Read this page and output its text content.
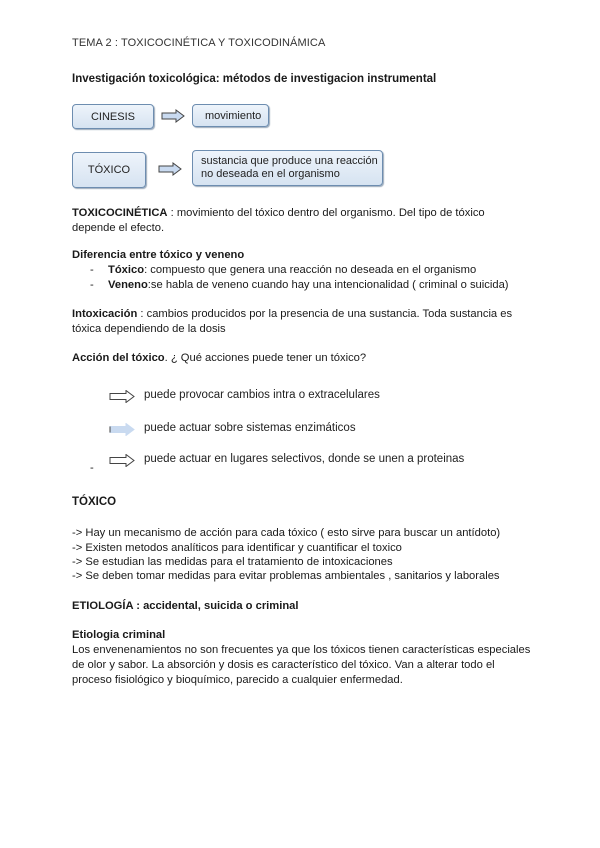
TEMA 2 : TOXICOCINÉTICA Y TOXICODINÁMICA
Investigación toxicológica: métodos de investigacion instrumental
CINESIS	movimiento
TÓXICO
sustancia que produce una reacción
no deseada en el organismo
TOXICOCINÉTICA : movimiento del tóxico dentro del organismo. Del tipo de tóxico
depende el efecto.
Diferencia entre tóxico y veneno
- Tóxico: compuesto que genera una reacción no deseada en el organismo
- Veneno:se habla de veneno cuando hay una intencionalidad ( criminal o suicida)
Intoxicación : cambios producidos por la presencia de una sustancia. Toda sustancia es
tóxica dependiendo de la dosis
Acción del tóxico. ¿ Qué acciones puede tener un tóxico?
puede provocar cambios intra o extracelulares
puede actuar sobre sistemas enzimáticos
puede actuar en lugares selectivos, donde se unen a proteinas
-
TÓXICO
-> Hay un mecanismo de acción para cada tóxico ( esto sirve para buscar un antídoto)
-> Existen metodos analíticos para identificar y cuantificar el toxico
-> Se estudian las medidas para el tratamiento de intoxicaciones
-> Se deben tomar medidas para evitar problemas ambientales , sanitarios y laborales
ETIOLOGÍA : accidental, suicida o criminal
Etiologia criminal
Los envenenamientos no son frecuentes ya que los tóxicos tienen características especiales
de olor y sabor. La absorción y dosis es característico del tóxico. Van a alterar todo el
proceso fisiológico y bioquímico, parecido a cualquier enfermedad.
